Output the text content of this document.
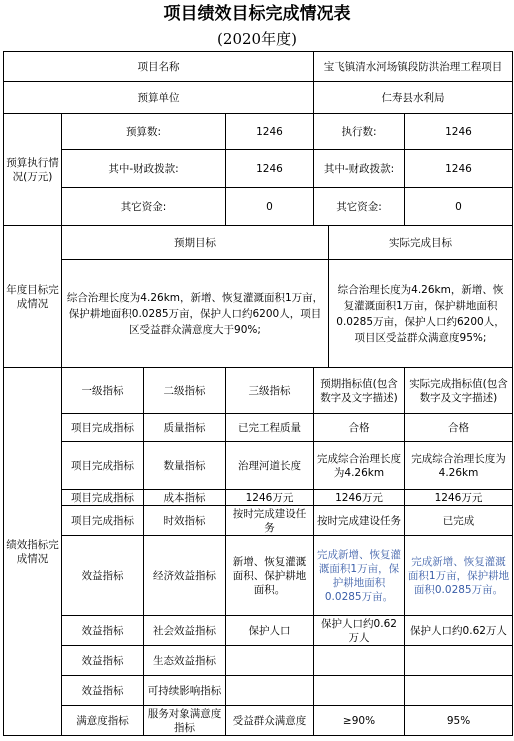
项目绩效目标完成情况表
(2020年度)
项目名称				宝飞镇清水河场镇段防洪治理工程项目		
预算单位				仁寿县水利局		
预算执行情况(万元)	预算数:		1246	执行数:		1246
	其中-财政拨款:		1246	其中-财政拨款:		1246
	其它资金:		0	其它资金:		0
年度目标完成情况	预期目标				实际完成目标	
	综合治理长度为4.26km，新增、恢复灌溉面积1万亩，保护耕地面积0.0285万亩，保护人口约6200人，项目区受益群众满意度大于90%;				综合治理长度为4.26km，新增、恢复灌溉面积1万亩，保护耕地面积0.0285万亩，保护人口约6200人，项目区受益群众满意度95%;	
绩效指标完成情况	一级指标	二级指标	三级指标	预期指标值(包含数字及文字描述)		实际完成指标值(包含数字及文字描述)
	项目完成指标	质量指标	已完工程质量	合格		合格
	项目完成指标	数量指标	治理河道长度	完成综合治理长度为4.26km		完成综合治理长度为4.26km
	项目完成指标	成本指标	1246万元	1246万元		1246万元
	项目完成指标	时效指标	按时完成建设任务	按时完成建设任务		已完成
	效益指标	经济效益指标	新增、恢复灌溉面积、保护耕地面积。	完成新增、恢复灌溉面积1万亩，保护耕地面积0.0285万亩。		完成新增、恢复灌溉面积1万亩，保护耕地面积0.0285万亩。
	效益指标	社会效益指标	保护人口	保护人口约0.62万人		保护人口约0.62万人
	效益指标	生态效益指标				
	效益指标	可持续影响指标				
	满意度指标	服务对象满意度指标	受益群众满意度	≥90%		95%
